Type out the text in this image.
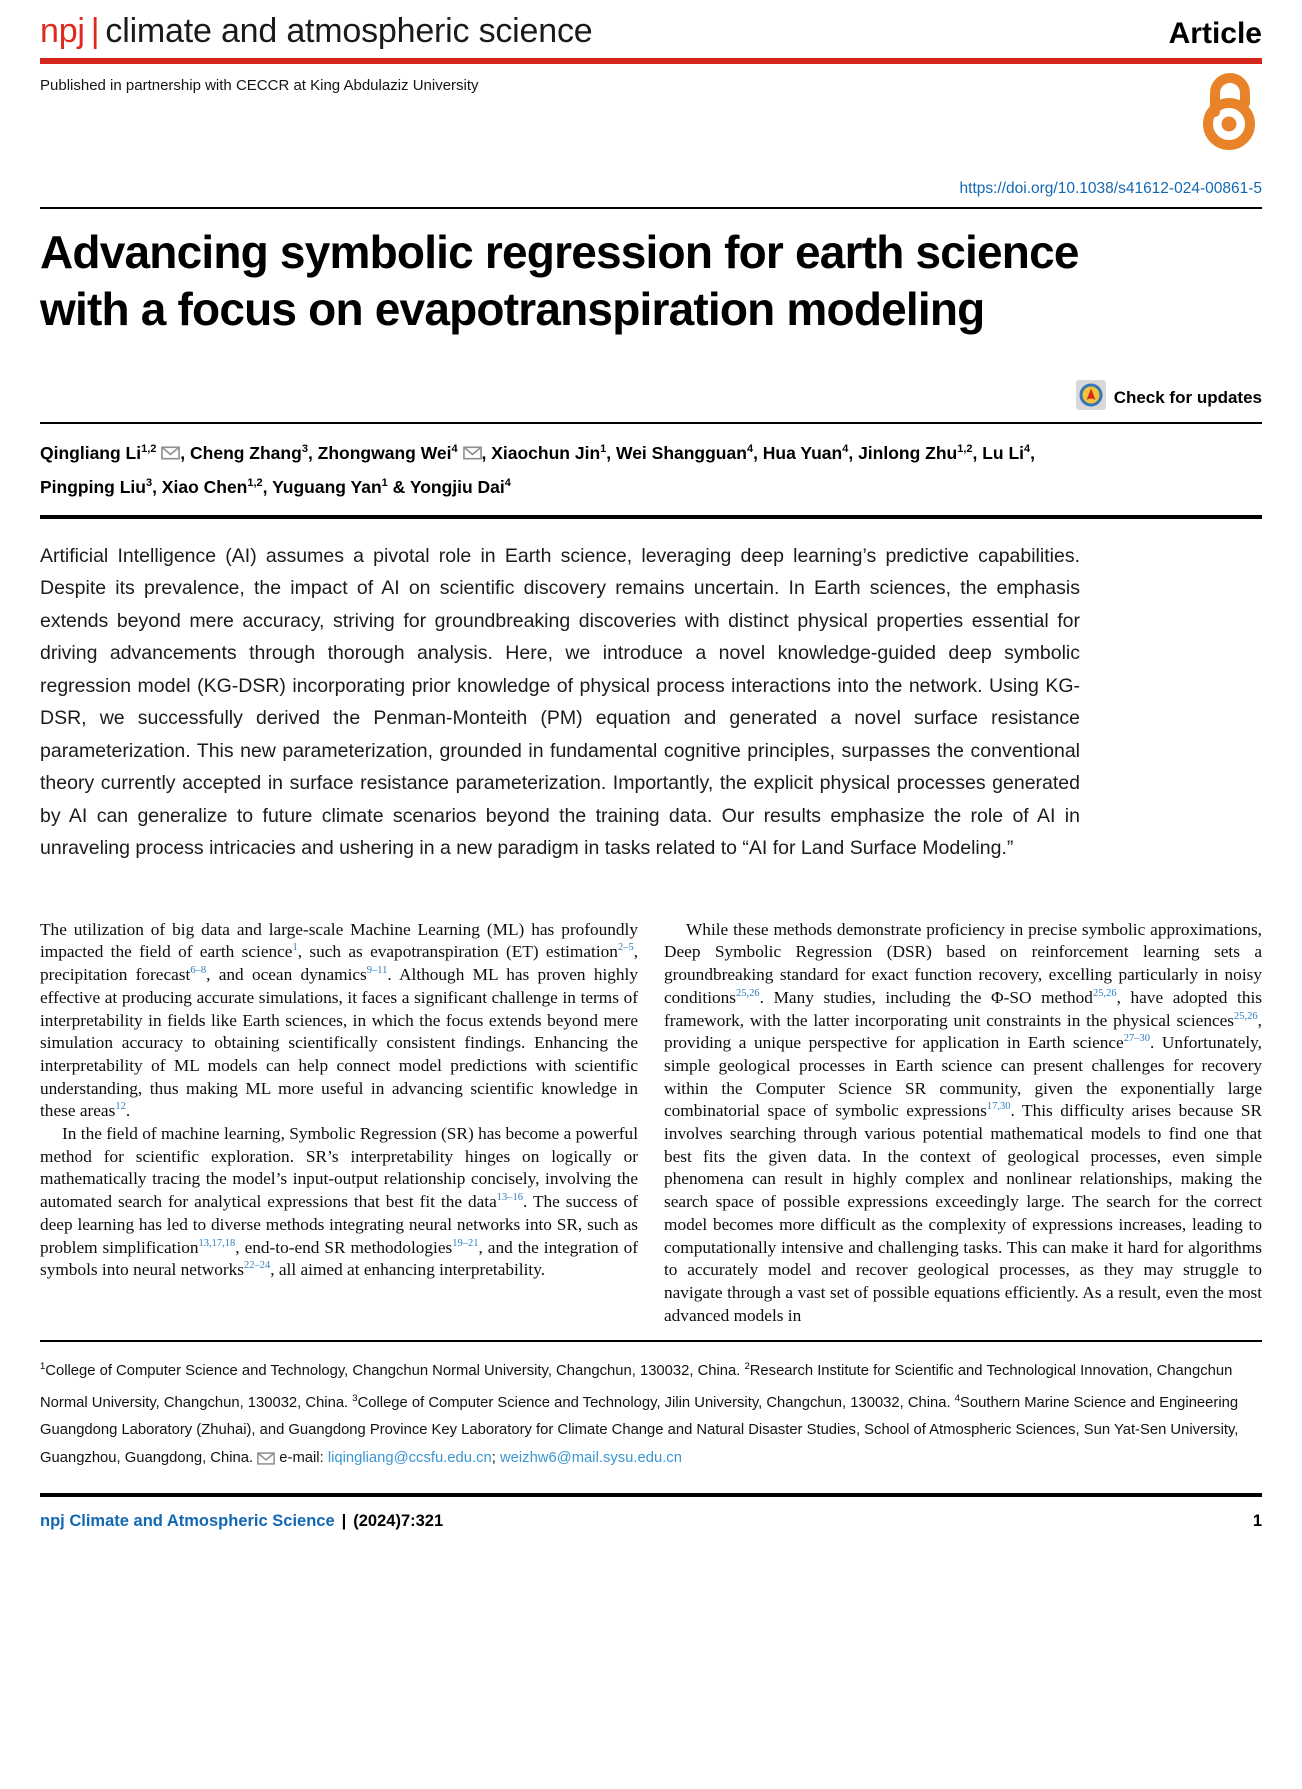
npj | climate and atmospheric science	Article
Published in partnership with CECCR at King Abdulaziz University
https://doi.org/10.1038/s41612-024-00861-5
Advancing symbolic regression for earth science with a focus on evapotranspiration modeling
Check for updates
Qingliang Li$^{1,2}$ , Cheng Zhang$^3$, Zhongwang Wei$^4$ , Xiaochun Jin$^1$, Wei Shangguan$^4$, Hua Yuan$^4$, Jinlong Zhu$^{1,2}$, Lu Li$^4$, Pingping Liu$^3$, Xiao Chen$^{1,2}$, Yuguang Yan$^1$ & Yongjiu Dai$^4$
Artificial Intelligence (AI) assumes a pivotal role in Earth science, leveraging deep learning’s predictive capabilities. Despite its prevalence, the impact of AI on scientific discovery remains uncertain. In Earth sciences, the emphasis extends beyond mere accuracy, striving for groundbreaking discoveries with distinct physical properties essential for driving advancements through thorough analysis. Here, we introduce a novel knowledge-guided deep symbolic regression model (KG-DSR) incorporating prior knowledge of physical process interactions into the network. Using KG-DSR, we successfully derived the Penman-Monteith (PM) equation and generated a novel surface resistance parameterization. This new parameterization, grounded in fundamental cognitive principles, surpasses the conventional theory currently accepted in surface resistance parameterization. Importantly, the explicit physical processes generated by AI can generalize to future climate scenarios beyond the training data. Our results emphasize the role of AI in unraveling process intricacies and ushering in a new paradigm in tasks related to “AI for Land Surface Modeling.”

The utilization of big data and large-scale Machine Learning (ML) has profoundly impacted the field of earth science$^1$, such as evapotranspiration (ET) estimation$^{2-5}$, precipitation forecast$^{6-8}$, and ocean dynamics$^{9-11}$. Although ML has proven highly effective at producing accurate simulations, it faces a significant challenge in terms of interpretability in fields like Earth sciences, in which the focus extends beyond mere simulation accuracy to obtaining scientifically consistent findings. Enhancing the interpretability of ML models can help connect model predictions with scientific understanding, thus making ML more useful in advancing scientific knowledge in these areas$^{12}$.

In the field of machine learning, Symbolic Regression (SR) has become a powerful method for scientific exploration. SR’s interpretability hinges on logically or mathematically tracing the model’s input-output relationship concisely, involving the automated search for analytical expressions that best fit the data$^{13-16}$. The success of deep learning has led to diverse methods integrating neural networks into SR, such as problem simplification$^{13,17,18}$, end-to-end SR methodologies$^{19-21}$, and the integration of symbols into neural networks$^{22-24}$, all aimed at enhancing interpretability.

While these methods demonstrate proficiency in precise symbolic approximations, Deep Symbolic Regression (DSR) based on reinforcement learning sets a groundbreaking standard for exact function recovery, excelling particularly in noisy conditions$^{25,26}$. Many studies, including the Φ-SO method$^{25,26}$, have adopted this framework, with the latter incorporating unit constraints in the physical sciences$^{25,26}$, providing a unique perspective for application in Earth science$^{27-30}$. Unfortunately, simple geological processes in Earth science can present challenges for recovery within the Computer Science SR community, given the exponentially large combinatorial space of symbolic expressions$^{17,30}$. This difficulty arises because SR involves searching through various potential mathematical models to find one that best fits the given data. In the context of geological processes, even simple phenomena can result in highly complex and nonlinear relationships, making the search space of possible expressions exceedingly large. The search for the correct model becomes more difficult as the complexity of expressions increases, leading to computationally intensive and challenging tasks. This can make it hard for algorithms to accurately model and recover geological processes, as they may struggle to navigate through a vast set of possible equations efficiently. As a result, even the most advanced models in

$^1$College of Computer Science and Technology, Changchun Normal University, Changchun, 130032, China. $^2$Research Institute for Scientific and Technological Innovation, Changchun Normal University, Changchun, 130032, China. $^3$College of Computer Science and Technology, Jilin University, Changchun, 130032, China. $^4$Southern Marine Science and Engineering Guangdong Laboratory (Zhuhai), and Guangdong Province Key Laboratory for Climate Change and Natural Disaster Studies, School of Atmospheric Sciences, Sun Yat-Sen University, Guangzhou, Guangdong, China.  e-mail: liqingliang@ccsfu.edu.cn; weizhw6@mail.sysu.edu.cn
npj Climate and Atmospheric Science | (2024)7:321	1
